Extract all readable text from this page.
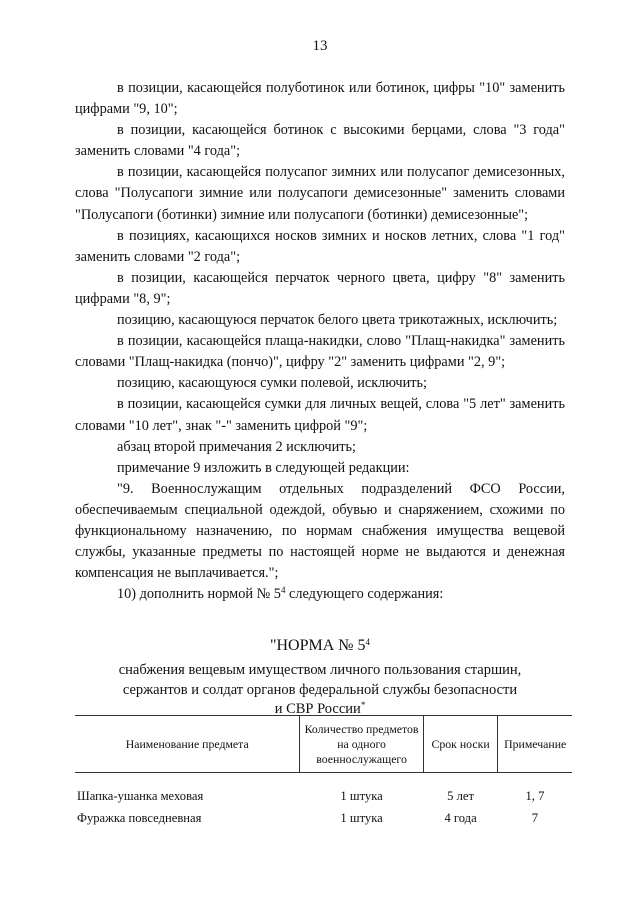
13

в позиции, касающейся полуботинок или ботинок, цифры "10" заменить цифрами "9, 10";

в позиции, касающейся ботинок с высокими берцами, слова "3 года" заменить словами "4 года";

в позиции, касающейся полусапог зимних или полусапог демисезонных, слова "Полусапоги зимние или полусапоги демисезонные" заменить словами "Полусапоги (ботинки) зимние или полусапоги (ботинки) демисезонные";

в позициях, касающихся носков зимних и носков летних, слова "1 год" заменить словами "2 года";

в позиции, касающейся перчаток черного цвета, цифру "8" заменить цифрами "8, 9";

позицию, касающуюся перчаток белого цвета трикотажных, исключить;

в позиции, касающейся плаща-накидки, слово "Плащ-накидка" заменить словами "Плащ-накидка (пончо)", цифру "2" заменить цифрами "2, 9";

позицию, касающуюся сумки полевой, исключить;

в позиции, касающейся сумки для личных вещей, слова "5 лет" заменить словами "10 лет", знак "-" заменить цифрой "9";

абзац второй примечания 2 исключить;

примечание 9 изложить в следующей редакции:

"9. Военнослужащим отдельных подразделений ФСО России, обеспечиваемым специальной одеждой, обувью и снаряжением, схожими по функциональному назначению, по нормам снабжения имущества вещевой службы, указанные предметы по настоящей норме не выдаются и денежная компенсация не выплачивается.";

10) дополнить нормой № $5^4$ следующего содержания:

"НОРМА № $5^4$
снабжения вещевым имуществом личного пользования старшин,
сержантов и солдат органов федеральной службы безопасности
и СВР России*
Наименование предмета	Количество предметов на одного военнослужащего	Срок носки	Примечание
Шапка-ушанка меховая	1 штука	5 лет	1, 7
Фуражка повседневная	1 штука	4 года	7
